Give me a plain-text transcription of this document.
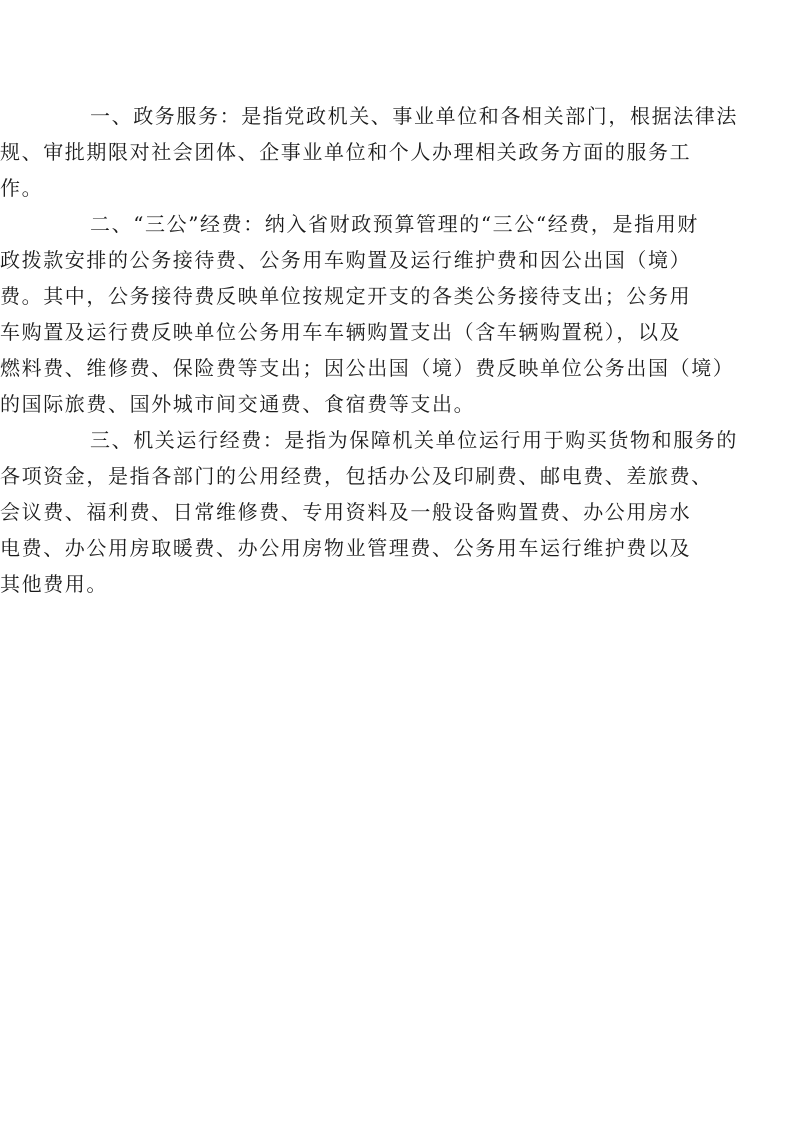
一、政务服务：是指党政机关、事业单位和各相关部门，根据法律法
规、审批期限对社会团体、企事业单位和个人办理相关政务方面的服务工
作。
二、“三公”经费：纳入省财政预算管理的“三公“经费，是指用财
政拨款安排的公务接待费、公务用车购置及运行维护费和因公出国（境）
费。其中，公务接待费反映单位按规定开支的各类公务接待支出；公务用
车购置及运行费反映单位公务用车车辆购置支出（含车辆购置税），以及
燃料费、维修费、保险费等支出；因公出国（境）费反映单位公务出国（境）
的国际旅费、国外城市间交通费、食宿费等支出。
三、机关运行经费：是指为保障机关单位运行用于购买货物和服务的
各项资金，是指各部门的公用经费，包括办公及印刷费、邮电费、差旅费、
会议费、福利费、日常维修费、专用资料及一般设备购置费、办公用房水
电费、办公用房取暖费、办公用房物业管理费、公务用车运行维护费以及
其他费用。
